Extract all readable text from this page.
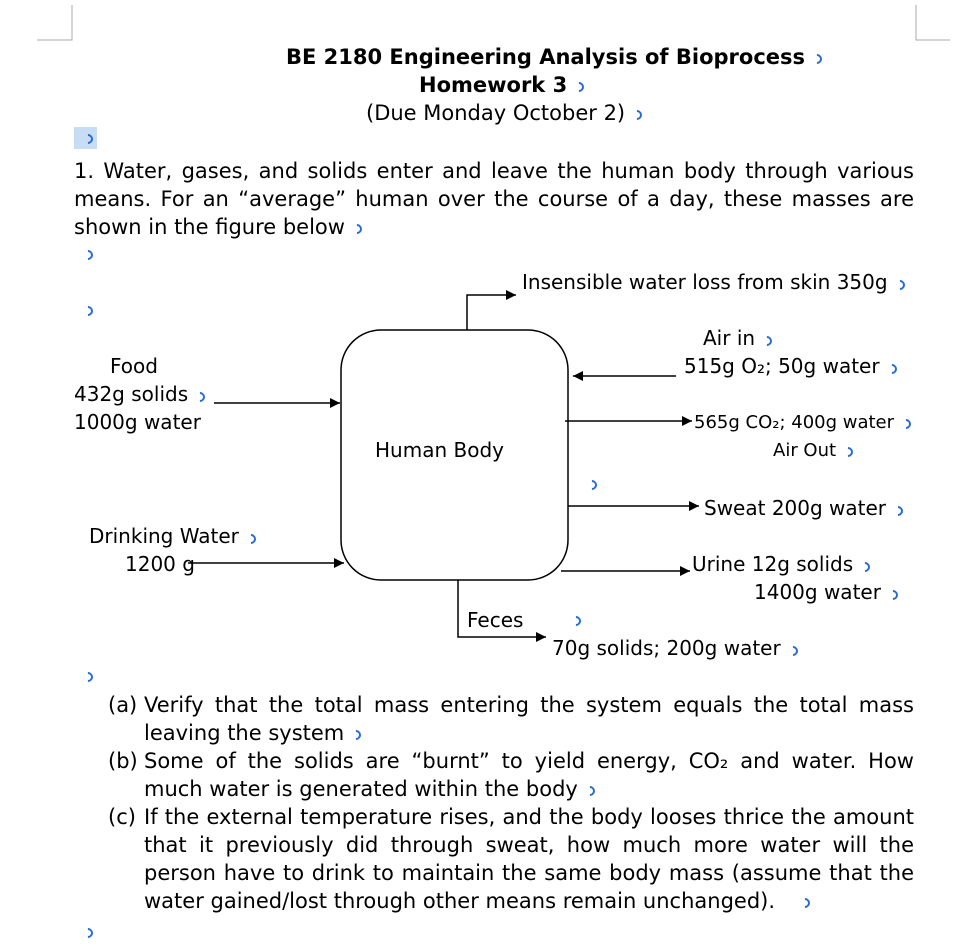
BE 2180 Engineering Analysis of Bioprocess
Homework 3
(Due Monday October 2)
1. Water, gases, and solids enter and leave the human body through various means. For an “average” human over the course of a day, these masses are shown in the figure below
Insensible water loss from skin 350g
Air in
515g O₂; 50g water
Food
432g solids
1000g water
Human Body
565g CO₂; 400g water
Air Out
Sweat 200g water
Drinking Water
1200 g	Urine 12g solids
1400g water
Feces
70g solids; 200g water
(a) Verify that the total mass entering the system equals the total mass leaving the system
(b) Some of the solids are “burnt” to yield energy, CO₂ and water. How much water is generated within the body
(c) If the external temperature rises, and the body looses thrice the amount that it previously did through sweat, how much more water will the person have to drink to maintain the same body mass (assume that the water gained/lost through other means remain unchanged).
